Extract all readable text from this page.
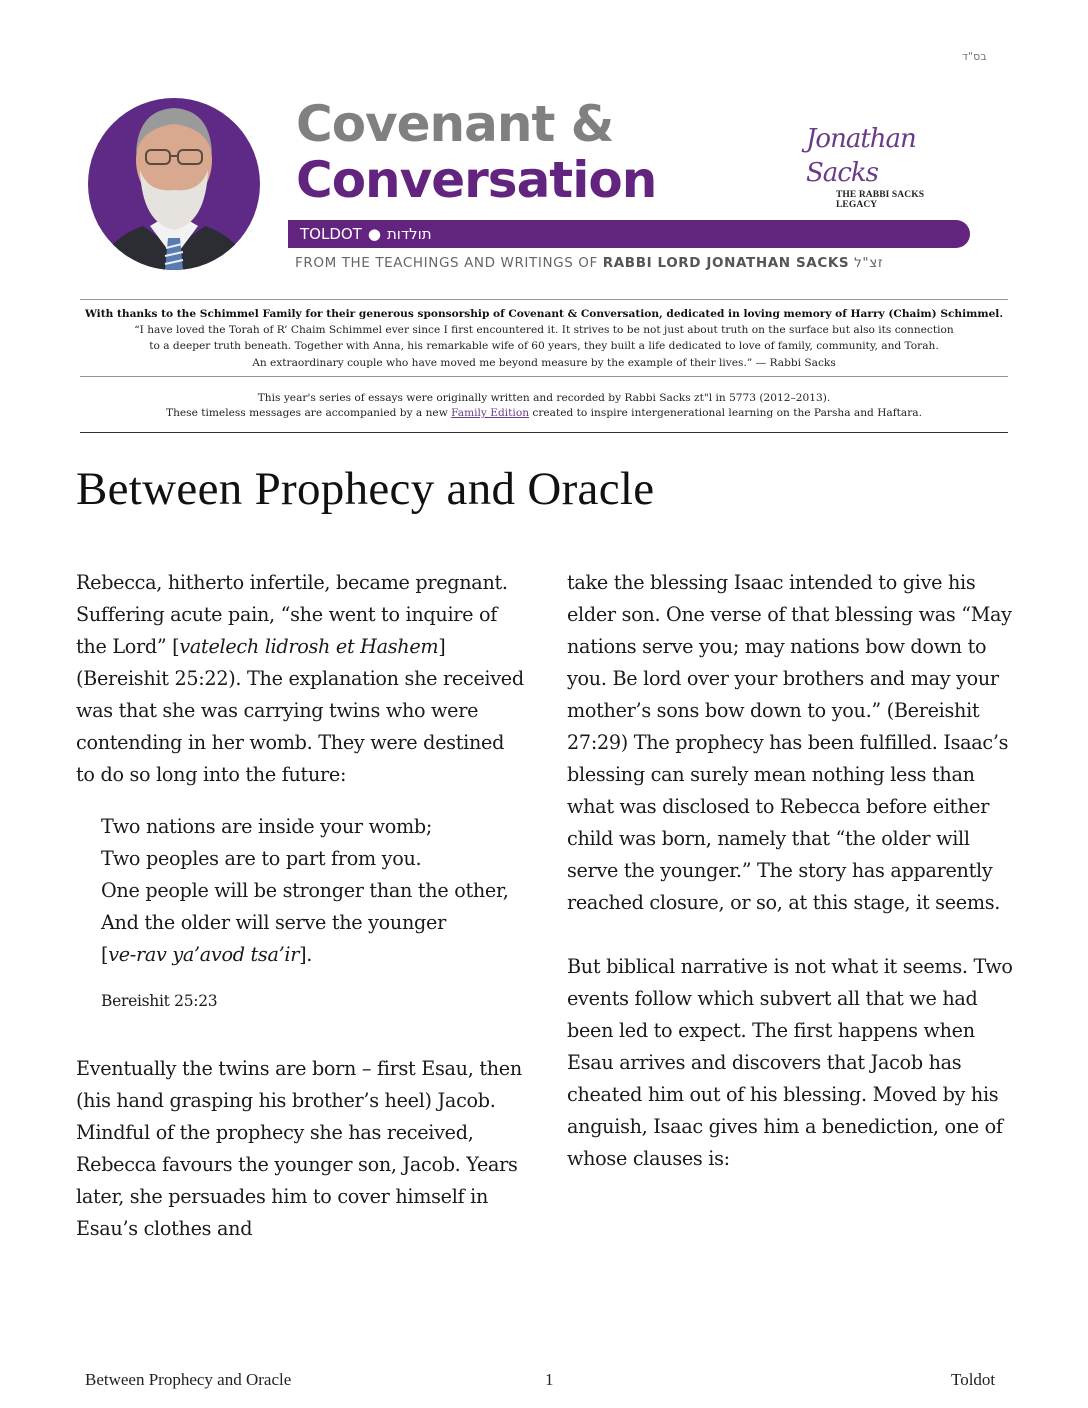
בס"ד
Covenant &
Conversation
Jonathan Sacks
THE RABBI SACKS LEGACY
TOLDOT ● תולדות
FROM THE TEACHINGS AND WRITINGS OF RABBI LORD JONATHAN SACKS זצ"ל
With thanks to the Schimmel Family for their generous sponsorship of Covenant & Conversation, dedicated in loving memory of Harry (Chaim) Schimmel.
“I have loved the Torah of R’ Chaim Schimmel ever since I first encountered it. It strives to be not just about truth on the surface but also its connection
to a deeper truth beneath. Together with Anna, his remarkable wife of 60 years, they built a life dedicated to love of family, community, and Torah.
An extraordinary couple who have moved me beyond measure by the example of their lives.” — Rabbi Sacks
This year's series of essays were originally written and recorded by Rabbi Sacks zt"l in 5773 (2012–2013).
These timeless messages are accompanied by a new Family Edition created to inspire intergenerational learning on the Parsha and Haftara.
Between Prophecy and Oracle

Rebecca, hitherto infertile, became pregnant. Suffering acute pain, “she went to inquire of the Lord” [vatelech lidrosh et Hashem] (Bereishit 25:22). The explanation she received was that she was carrying twins who were contending in her womb. They were destined to do so long into the future:

Two nations are inside your womb;

Two peoples are to part from you.

One people will be stronger than the other,

And the older will serve the younger

[ve-rav ya’avod tsa’ir].

Bereishit 25:23

Eventually the twins are born – first Esau, then (his hand grasping his brother’s heel) Jacob. Mindful of the prophecy she has received, Rebecca favours the younger son, Jacob. Years later, she persuades him to cover himself in Esau’s clothes and

take the blessing Isaac intended to give his elder son. One verse of that blessing was “May nations serve you; may nations bow down to you. Be lord over your brothers and may your mother’s sons bow down to you.” (Bereishit 27:29) The prophecy has been fulfilled. Isaac’s blessing can surely mean nothing less than what was disclosed to Rebecca before either child was born, namely that “the older will serve the younger.” The story has apparently reached closure, or so, at this stage, it seems.

But biblical narrative is not what it seems. Two events follow which subvert all that we had been led to expect. The first happens when Esau arrives and discovers that Jacob has cheated him out of his blessing. Moved by his anguish, Isaac gives him a benediction, one of whose clauses is:

Between Prophecy and Oracle	1	Toldot
